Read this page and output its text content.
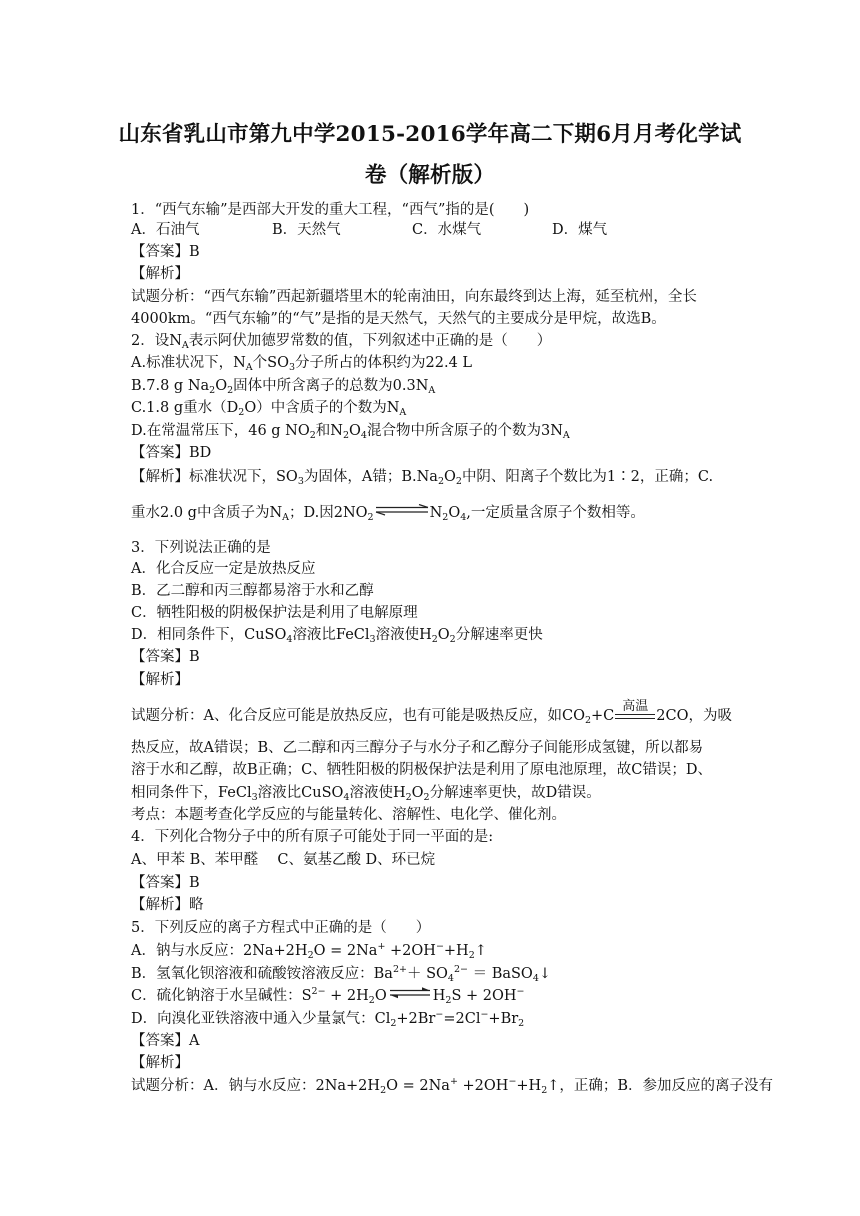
山东省乳山市第九中学2015-2016学年高二下期6月月考化学试
卷（解析版）
1．“西气东输”是西部大开发的重大工程，“西气”指的是(　　)
A．石油气	B．天然气	C．水煤气	D．煤气
【答案】B
【解析】
试题分析：“西气东输”西起新疆塔里木的轮南油田，向东最终到达上海，延至杭州，全长
4000km。“西气东输”的“气”是指的是天然气，天然气的主要成分是甲烷，故选B。
2．设$N_A$表示阿伏加德罗常数的值，下列叙述中正确的是（　　）
A.标准状况下，$N_A$个$SO_3$分子所占的体积约为22.4 L
B.7.8 g $Na_2O_2$固体中所含离子的总数为$0.3N_A$
C.1.8 g重水$(D_2O)$中含质子的个数为$N_A$
D.在常温常压下，46 g $NO_2$和$N_2O_4$混合物中所含原子的个数为$3N_A$
【答案】BD
【解析】标准状况下，$SO_3$为固体，A错；$B.Na_2O_2$中阴、阳离子个数比为1∶2，正确；C.
重水2.0 g中含质子为$N_A$；D.因$2NO_2$ $\rightleftharpoons N_2O_4$,一定质量含原子个数相等。
3．下列说法正确的是
A．化合反应一定是放热反应
B．乙二醇和丙三醇都易溶于水和乙醇
C．牺牲阳极的阴极保护法是利用了电解原理
D．相同条件下，CuSO$_4$溶液比FeCl$_3$溶液使$H_2O_2$分解速率更快
【答案】B
【解析】
试题分析：A、化合反应可能是放热反应，也有可能是吸热反应，如$CO_2+C$
高温
2CO，为吸
热反应，故A错误；B、乙二醇和丙三醇分子与水分子和乙醇分子间能形成氢键，所以都易
溶于水和乙醇，故B正确；C、牺牲阳极的阴极保护法是利用了原电池原理，故C错误；D、
相同条件下，FeCl$_3$溶液比CuSO$_4$溶液使$H_2O_2$分解速率更快，故D错误。
考点：本题考查化学反应的与能量转化、溶解性、电化学、催化剂。
4．下列化合物分子中的所有原子可能处于同一平面的是:
A、甲苯 B、苯甲醛　 C、氨基乙酸 D、环已烷
【答案】B
【解析】略
5．下列反应的离子方程式中正确的是（　　）
A．钠与水反应：$2Na+2H_2O = 2Na^+$ $+2OH^-+H_2↑$
B．氢氧化钡溶液和硫酸铵溶液反应：$Ba^{2+}+ SO_4^{2-}$ ＝ BaSO$_4$↓
C．硫化钠溶于水呈碱性：$S^{2-} + 2H_2O$ ⇌ $H_2S + 2OH^-$
D．向溴化亚铁溶液中通入少量氯气：$Cl_2+2Br^-=2Cl^-+Br_2$
【答案】A
【解析】
试题分析：A．钠与水反应：$2Na+2H_2O = 2Na^+$ $+2OH^-+H_2↑$，正确；B．参加反应的离子没有
